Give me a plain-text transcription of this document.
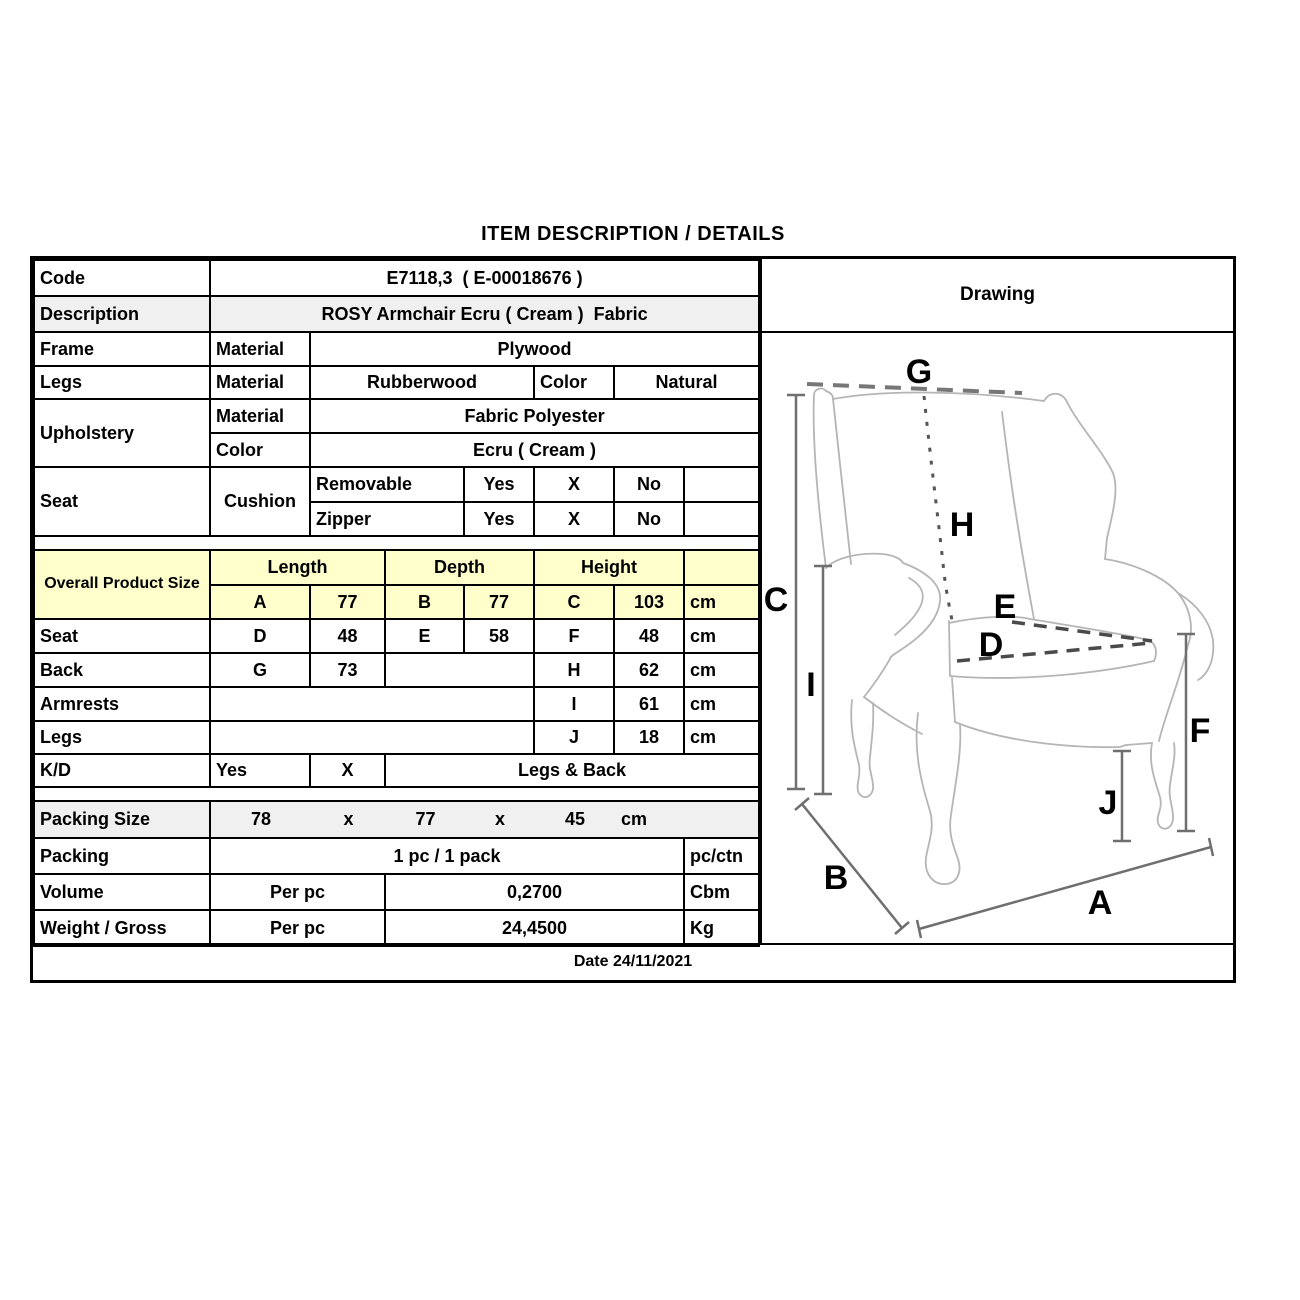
ITEM DESCRIPTION / DETAILS
Code	E7118,3  ( E-00018676 )						
Description	ROSY Armchair Ecru ( Cream )  Fabric						
Frame	Material	Plywood					
Legs	Material	Rubberwood			Color	Natural	
Upholstery	Material	Fabric Polyester					
	Color	Ecru ( Cream )					
Seat	Cushion	Removable		Yes	X	No	
		Zipper		Yes	X	No	

Overall Product Size	Length		Depth		Height		
	A	77	B	77	C	103	cm
Seat	D	48	E	58	F	48	cm
Back	G	73			H	62	cm
Armrests					I	61	cm
Legs					J	18	cm
K/D	Yes	X	Legs & Back				

Packing Size	78	x	77	x	45	cm

Packing	1 pc / 1 pack						pc/ctn
Volume	Per pc		0,2700				Cbm
Weight / Gross	Per pc		24,4500				Kg
Drawing
G
H
C	E
D
I
F
J
B
A
Date 24/11/2021
